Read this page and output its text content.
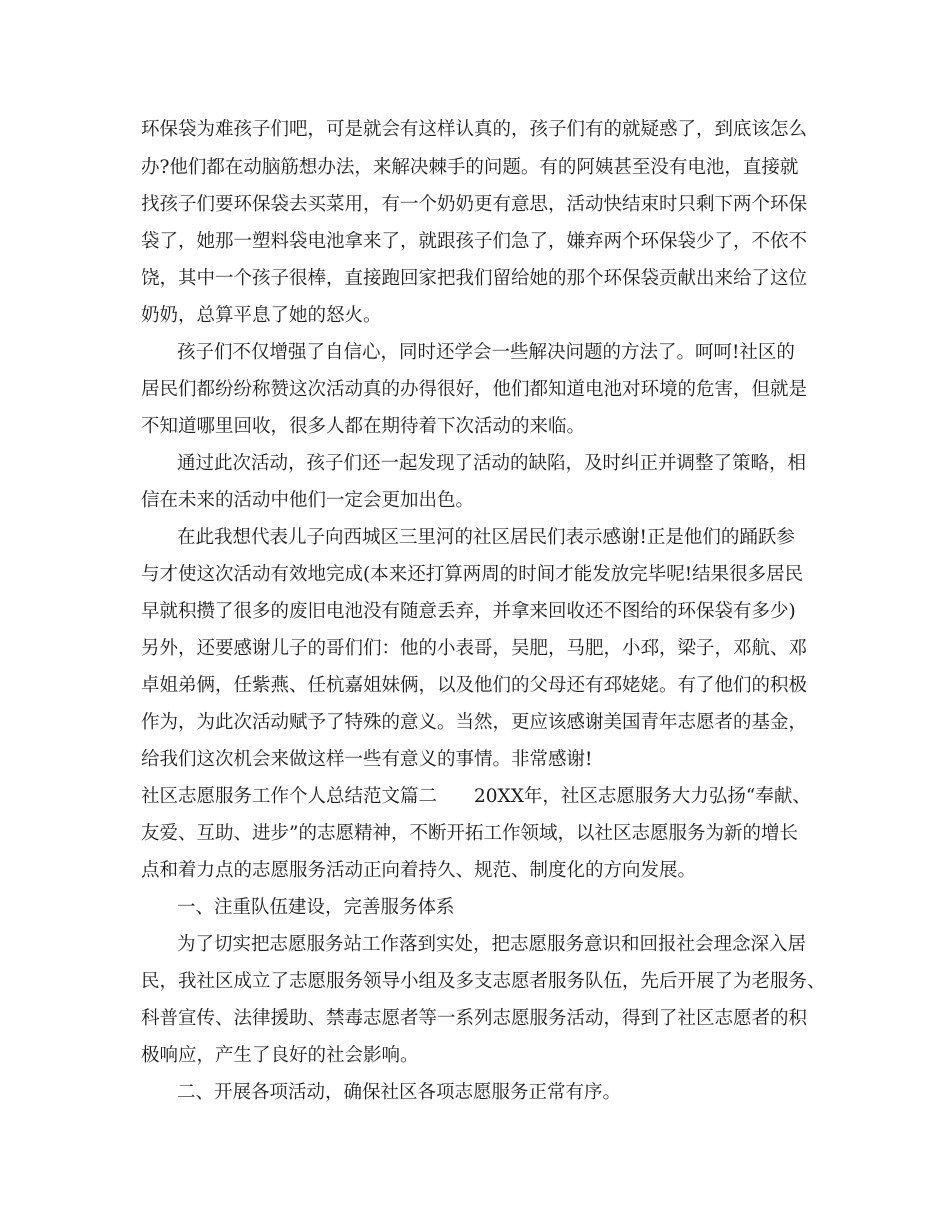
环保袋为难孩子们吧，可是就会有这样认真的，孩子们有的就疑惑了，到底该怎么

办?他们都在动脑筋想办法，来解决棘手的问题。有的阿姨甚至没有电池，直接就

找孩子们要环保袋去买菜用，有一个奶奶更有意思，活动快结束时只剩下两个环保

袋了，她那一塑料袋电池拿来了，就跟孩子们急了，嫌弃两个环保袋少了，不依不

饶，其中一个孩子很棒，直接跑回家把我们留给她的那个环保袋贡献出来给了这位

奶奶，总算平息了她的怒火。

孩子们不仅增强了自信心，同时还学会一些解决问题的方法了。呵呵!社区的

居民们都纷纷称赞这次活动真的办得很好，他们都知道电池对环境的危害，但就是

不知道哪里回收，很多人都在期待着下次活动的来临。

通过此次活动，孩子们还一起发现了活动的缺陷，及时纠正并调整了策略，相

信在未来的活动中他们一定会更加出色。

在此我想代表儿子向西城区三里河的社区居民们表示感谢!正是他们的踊跃参

与才使这次活动有效地完成(本来还打算两周的时间才能发放完毕呢!结果很多居民

早就积攒了很多的废旧电池没有随意丢弃，并拿来回收还不图给的环保袋有多少)

另外，还要感谢儿子的哥们们：他的小表哥，吴肥，马肥，小邳，梁子，邓航、邓

卓姐弟俩，任紫燕、任杭嘉姐妹俩，以及他们的父母还有邳姥姥。有了他们的积极

作为，为此次活动赋予了特殊的意义。当然，更应该感谢美国青年志愿者的基金，

给我们这次机会来做这样一些有意义的事情。非常感谢!

社区志愿服务工作个人总结范文篇二　　20XX年，社区志愿服务大力弘扬“奉献、

友爱、互助、进步”的志愿精神，不断开拓工作领域，以社区志愿服务为新的增长

点和着力点的志愿服务活动正向着持久、规范、制度化的方向发展。

一、注重队伍建设，完善服务体系

为了切实把志愿服务站工作落到实处，把志愿服务意识和回报社会理念深入居

民，我社区成立了志愿服务领导小组及多支志愿者服务队伍，先后开展了为老服务、

科普宣传、法律援助、禁毒志愿者等一系列志愿服务活动，得到了社区志愿者的积

极响应，产生了良好的社会影响。

二、开展各项活动，确保社区各项志愿服务正常有序。
